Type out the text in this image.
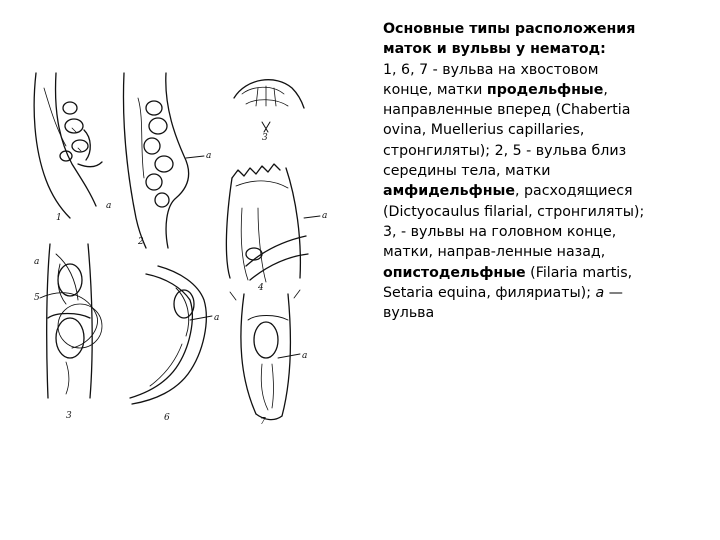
1
а
2
3
а
а
3
а
6	7
а
а
4
5

Основные типы расположения маток и вульвы у нематод:

1, 6, 7 - вульва на хвостовом конце, матки продельфные, направленные вперед (Chabertia ovina, Muellerius capillaries, стронгиляты); 2, 5 - вульва близ середины тела, матки амфидельфные, расходящиеся (Dictyocaulus filarial, стронгиляты); 3, - вульвы на головном конце, матки, направ-ленные назад, опистодельфные (Filaria martis, Setaria equina, филяриаты); а — вульва
